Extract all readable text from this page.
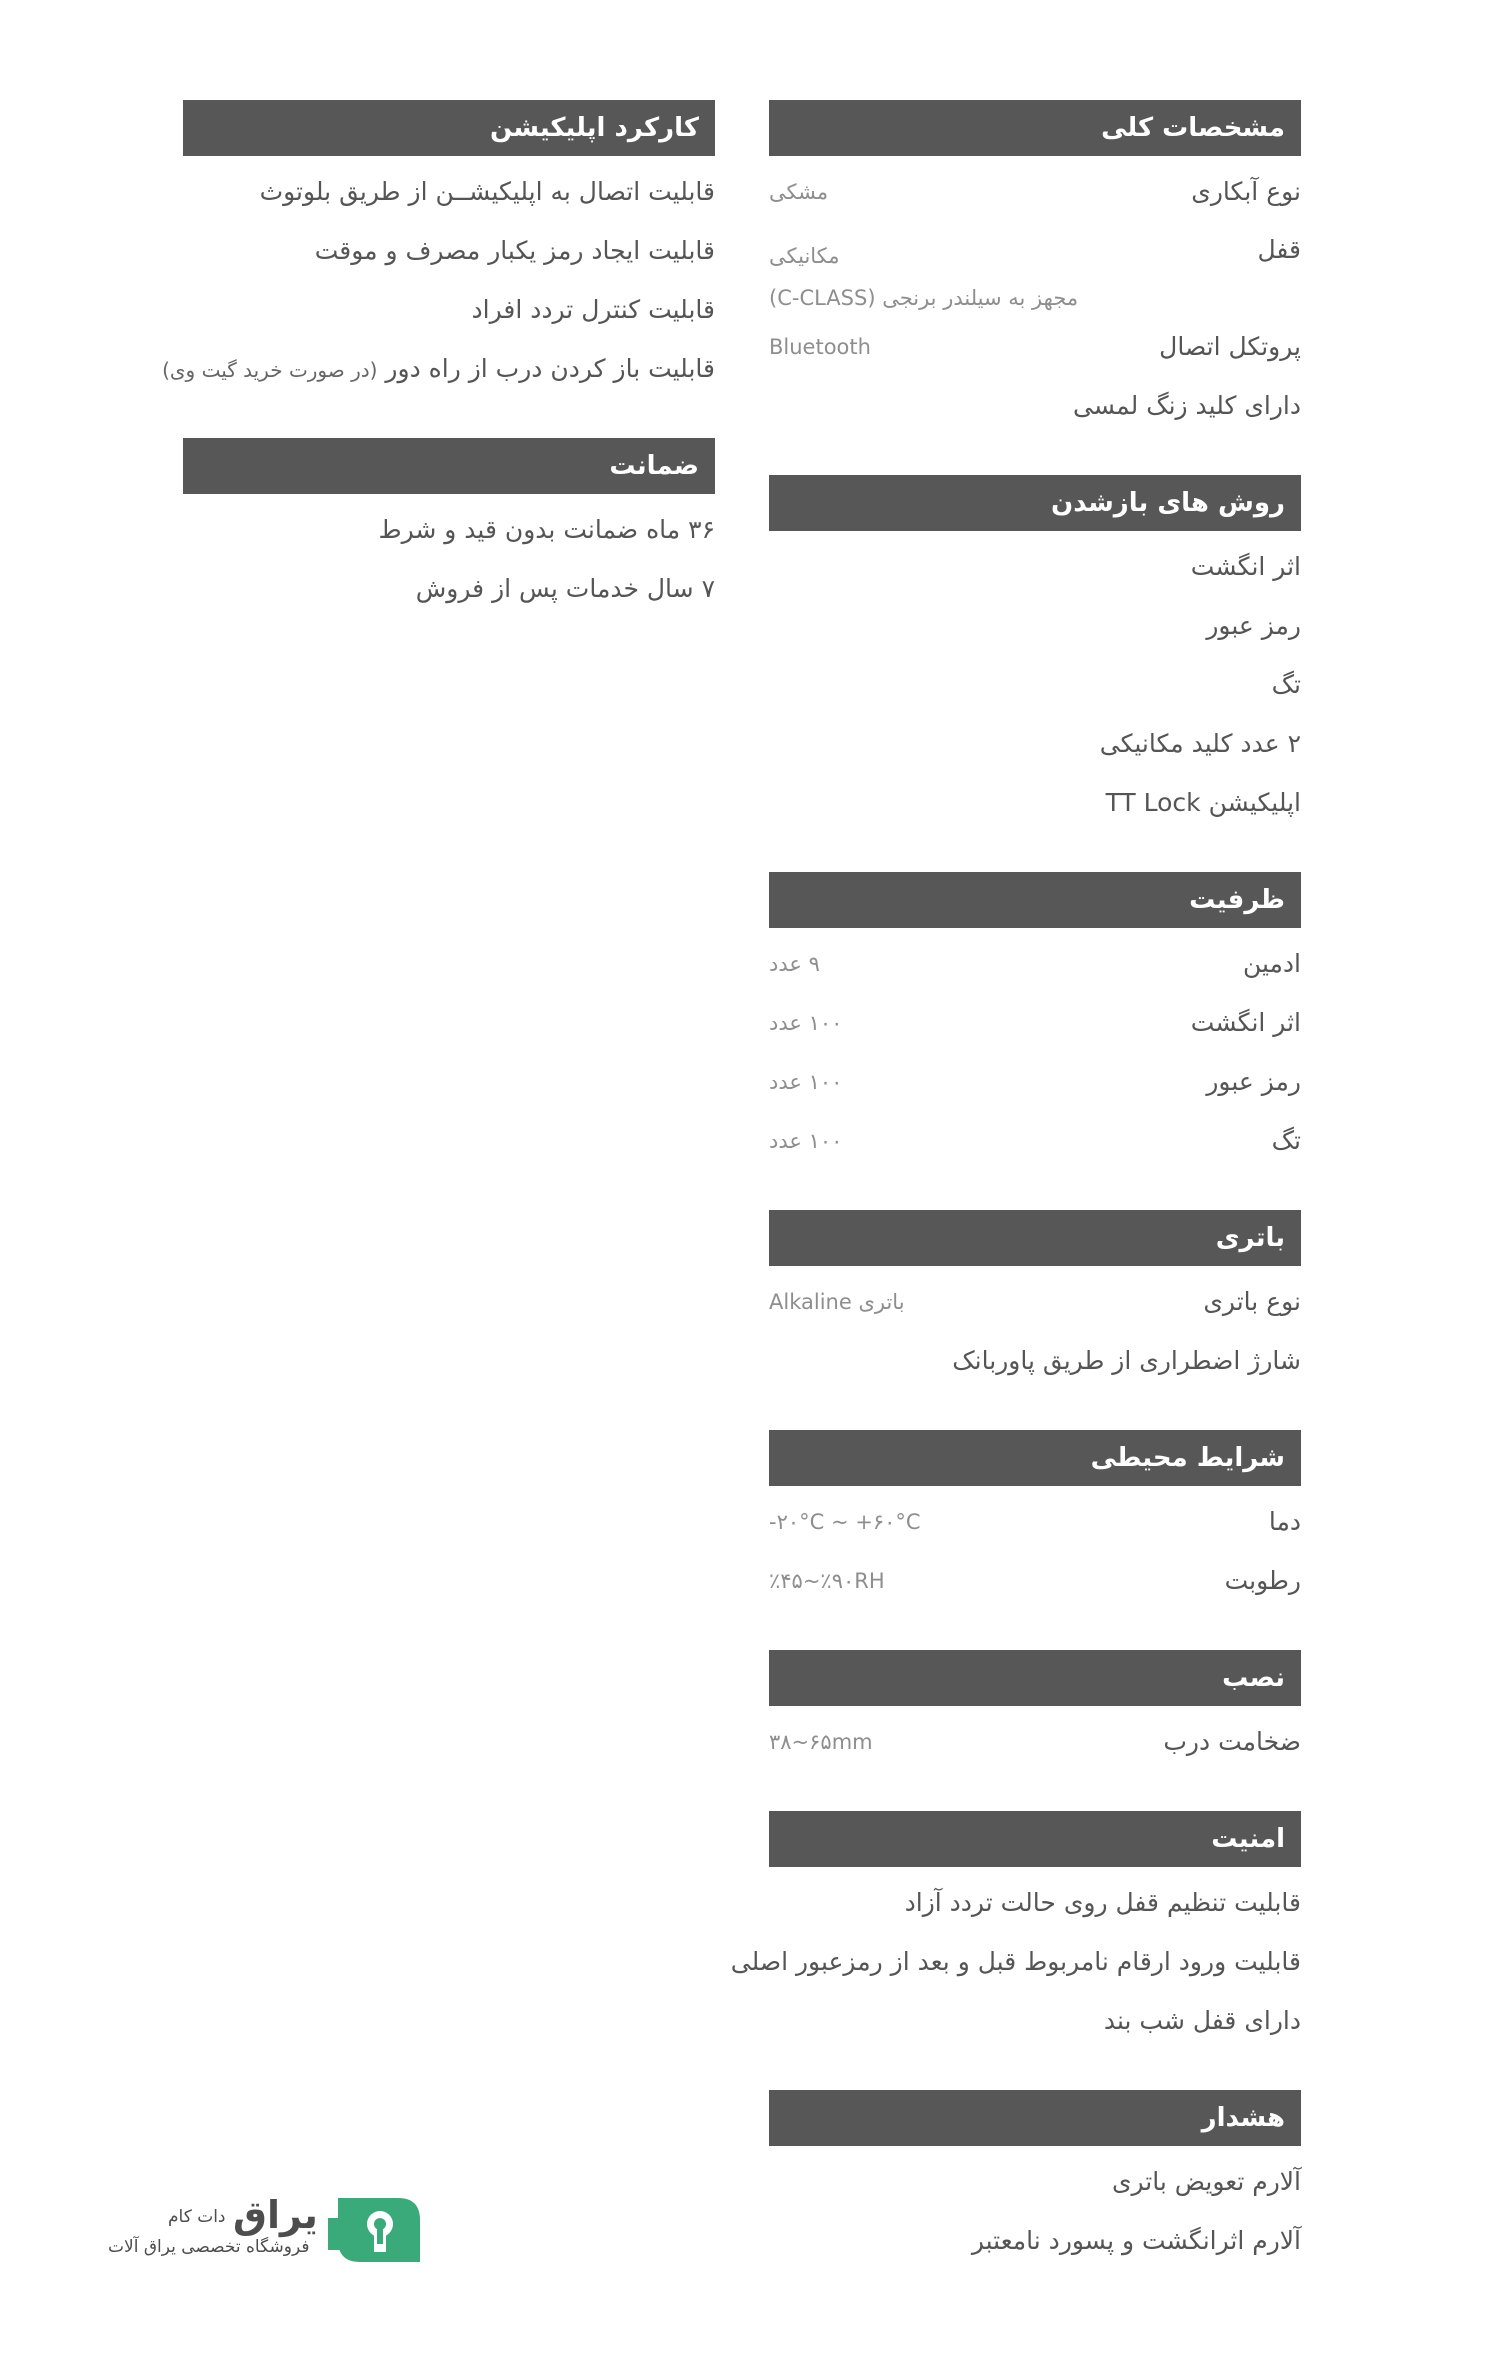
مشخصات کلی
نوع آبکاری
مشکی
قفل
مکانیکی
مجهز به سیلندر برنجی (C-CLASS)
پروتکل اتصال
Bluetooth
دارای کلید زنگ لمسی
روش های بازشدن
اثر انگشت
رمز عبور
تگ
۲ عدد کلید مکانیکی
اپلیکیشن TT Lock
ظرفیت
ادمین
۹ عدد
اثر انگشت
۱۰۰ عدد
رمز عبور
۱۰۰ عدد
تگ
۱۰۰ عدد
باتری
نوع باتری
باتری Alkaline
شارژ اضطراری از طریق پاوربانک
شرایط محیطی
دما
-۲۰°C ~ +۶۰°C
رطوبت
٪۴۵~٪۹۰RH
نصب
ضخامت درب
۳۸~۶۵mm
امنیت
قابلیت تنظیم قفل روی حالت تردد آزاد
قابلیت ورود ارقام نامربوط قبل و بعد از رمزعبور اصلی
دارای قفل شب بند
هشدار
آلارم تعویض باتری
آلارم اثرانگشت و پسورد نامعتبر
کارکرد اپلیکیشن
قابلیت اتصال به اپلیکیشــن از طریق بلوتوث
قابلیت ایجاد رمز یکبار مصرف و موقت
قابلیت کنترل تردد افراد
قابلیت باز کردن درب از راه دور (در صورت خرید گیت وی)
ضمانت
۳۶ ماه ضمانت بدون قید و شرط
۷ سال خدمات پس از فروش
یراق
دات کام
فروشگاه تخصصی یراق آلات
